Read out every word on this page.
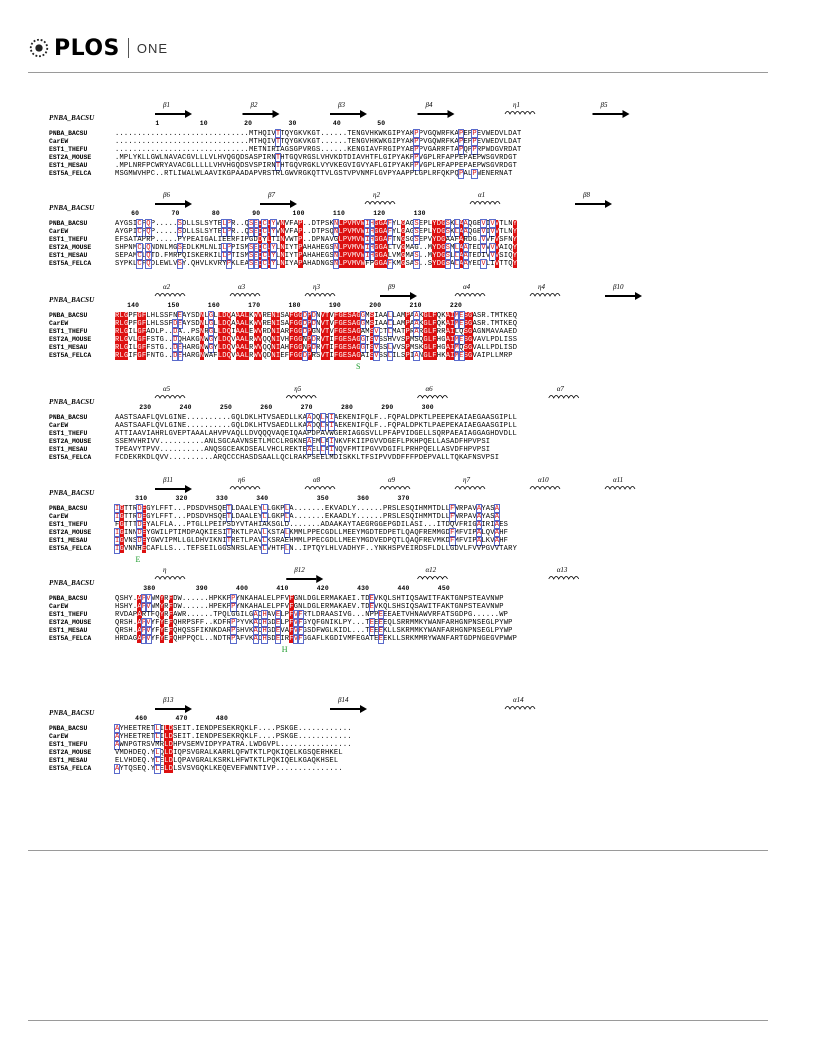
PLOS ONE
PNBA_BACSU
β1	β2	β3	β4	η1	β5
1          10         20         30         40         50
PNBA_BACSU	..............................MTHQIVTTQYGKVKGT......TENGVHKWKGIPYAKPPVGQWRFKAPEPPEVWEDVLDAT
CarEW	..............................MTHQIVTTQYGKVKGT......TENGVHKWKGIPYAKPPVGQWRFKAPEPPEVWEDVLDAT
EST1_THEFU	..............................METNIRIAGSGPVRGS......KENGIAVFRGIPYAEPPVGARRFTAPQPPRPWDGVRDAT
EST2A_MOUSE	.MPLYKLLGWLNAVACGVLLLVLHVQGQDSASPIRNTHTGQVRGSLVHVKDTDIAVHTFLGIPYAKPPVGPLRFAPPEPAEPWSGVRDGT
EST1_MESAU	.MPLNRFPCWRYAVACGLLLLLVHVHGQDSVSPIRNTHTGQVRGKLVYVKEGVIGVYAFLGIPYAKPPVGPLRFAPPEPAEPWSGVRDGT
EST5A_FELCA	MSGMWVHPC..RTLIWALWLAAVIKGPAADAPVRSTRLGWVRGKQTTVLGSTVPVNMFLGVPYAAPPLGPLRFQKPQPALPWENERNAT
PNBA_BACSU
β6	β7	η2	α1	β8
60        70        80        90        100       110       120       130
PNBA_BACSU	AYGSICPQP.....SDLLSLSYTELPR..QSEDCLYVNVFAP..DTPSKNLPVMVWIHGGAFYLGAGSEPLYDGSKLAAQGEVIVVTLNY
CarEW	AYGPICPQP.....SDLLSLSYTELPR..QSEDCLYVNVFAP..DTPSQNLPVMVWIHGGAFYLGAGSEPLYDGSKLAAQGEVIVVTLNY
EST1_THEFU	EFSATAPRP.....PYPEAIGALIEERFIPGDDYLTINVWTP..DPNAVGLPVMVWIHGGAFTNGSGSEPVYDGAAFARDG.VVFVSFNY
EST2A_MOUSE	SHPNMCLQNDNLMGSEDLKMLNLILPPISMSEDCLYLNIYTPAHAHEGSNLPVMVWIHGGALTVGMAG..MYDGSMLAATEDVVVVAIQY
EST1_MESAU	SEPAMCLQTD.FMRPQISKERKILLPTISMSEDCLYLNIYTPAHAHEGSNLPVMVWIHGGALVMGMAS..MYDGSLLAATEDIVVVSIQY
EST5A_FELCA	SYPKLCFQDLEWLVSY.QHVLKVRYPKLEASEDCLYLNIYAPAHADNGSNLPVMVWFPGGAFKMGSAS..SYDGSALAAYEDVLIVTTQY
PNBA_BACSU
α2	α3	η3	β9	α4	η4	β10
140       150       160       170       180       190       200       210       220
PNBA_BACSU	RLGPFGFLHLSSFNEAYSDNLGLLDQAAALKWVRENISAFGGDPDNVTVFGESAGGMSIAALLAMPAAKGLFQKAIMESGASR.TMTKEQ
CarEW	RLGPFGFLHLSSFDEAYSDNLGLLDQAAALKWVRENISAFGGDPDNVTVFGESAGGMSIAALLAMPAAKGLFQKAIMESGASR.TMTKEQ
EST1_THEFU	RLGILGFADLP..DA..PSNRGLLDQIAALEWVRDNIARFGGDPGNVTVFGESAGAMSVCTLMATPRARGLFRRAILQSGAGNMAVAAED
EST2A_MOUSE	RLGVLGFFSTG..DQHAKGNWGYLDQVAALRWVQQNIVHFGGNPDRVTIFGESAGGTSVSSHVVSPMSQGLFHGAIMESGVAVLPDLISS
EST1_MESAU	RLGILGFFSTG..DEHARGNWGYLDQVAALRWVQQNIAHFGGNPDRVTIFGESAGGTSVSSLVVSPMSKGLFHGAIMQSGVALLPDLISD
EST5A_FELCA	RLGIFGFFNTG..DEHARGNWAFLDQVAALRWVQDNIEFFGGDPRSVTIFGESAGAISVSSLILSPIANGLFHKAIMESGVAIPLLMRP
S
PNBA_BACSU
α5	η5	α6	α7
230       240       250       260       270       280       290       300
PNBA_BACSU	AASTSAAFLQVLGINE..........GQLDKLHTVSAEDLLKAADQLRIAEKENIFQLF..FQPALDPKTLPEEPEKAIAEGAASGIPLL
CarEW	AASTSAAFLQVLGINE..........GQLDKLHTVSAEDLLKAADQLRIAEKENIFQLF..FQPALDPKTLPAEPEKAIAEGAASGIPLL
EST1_THEFU	ATTIAAVIAHRLGVEPTAAALAHVPVAQLLDVQQQVAQEIQAAPDPAVWGERIAGGSVLLPFAPVIDGELLSQRPAEAIAGGAGHDVDLL
EST2A_MOUSE	SSEMVHRIVV..........ANLSGCAAVNSETLMCCLRGKNEAEMLAINKVFKIIPGVVDGEFLPKHPQELLASADFHPVPSI
EST1_MESAU	TPEAVYTPVV..........ANQSGCEAKDSEALVHCLREKTEAELLAINQVFMTIPGVVDGIFLPRHPQELLASVDFHPVPSI
EST5A_FELCA	FCDEKRKDLQVV..........ARQCCCHASDSAALLQCLRAKPSEELMDISKKLTFSIPVVDDFFFPDEPVALLTQKAFNSVPSI
PNBA_BACSU
β11	η6	α8	α9	η7	α10	α11
310       320       330       340            350       360       370
PNBA_BACSU	IGTTRDEGYLFFT...PDSDVHSQETLDAALEYLLGKPLA.......EKVADLY......PRSLESQIHMMTDLLFWRPAVAYASA
CarEW	IGTTRDEGYLFFT...PDSDVHSQETLDAALEYLLGKPLA.......EKAADLY......PRSLESQIHMMTDLLFWRPAVAYASA
EST1_THEFU	FGTTTDEYALFLA...PTGLLPEIPSDYVTAHIAKSGLD.......ADAAKAYTAEGRGGEPGDILASI...ITDQVFRIGAIRIAES
EST2A_MOUSE	IGINNDEYGWILPTIMDPAQKIESITRKTLPAVLKSTALKMMLPPECGDLLMEEYMGDTEDPETLQAQFREMMGDFMFVIPALQVAHF
EST1_MESAU	IGVNSDEYGWVIPMLLGLDHVIKNITRETLPAVLKSRAEHMMLPPECGDLLMEEYMGDVEDPQTLQAQFREVMKDFMFVIPALKVAHF
EST5A_FELCA	IGVNNHECAFLLS...TEFSEILGGSNRSLAEYLVHTFLN..IPTQYLHLVADHYF..YNKHSPVEIRDSFLDLLGDVLFVVPGVVTARY
E
PNBA_BACSU
η	β12	α12	α13
380          390       400       410       420       430       440       450
PNBA_BACSU	QSHY.APVWMYRFDW......HPKKPPYNKAHALELPFVFGNLDGLERMAKAEI.TDEVKQLSHTIQSAWITFAKTGNPSTEAVNWP
CarEW	HSHY.APVWMYRFDW......HPEKPPYNKAHALELPFVFGNLDGLERMAKAEV.TDEVKQLSHSIQSAWITFAKTGNPSTEAVNWP
EST1_THEFU	RVDAPARTFQYRFAWR......TPQLGGILGACHAVELPFVFRTLDRAASIVG...NPPEEEAETVHNAWVRFATSGDPG......WP
EST2A_MOUSE	QRSH.APVYFYEFQHRPSFF..KDFRPPYVKADHGDELPFVFGYQFGNIKLPY...TEEEEQLSRRMMKYWANFARHGNPNSEGLPYWP
EST1_MESAU	QRSH.APVYFYEFQHQSSFIKNKDARPSHVKADHGDEVAFVFGSDFWGLKIDL...TEEEKLLSKRMMKYWANFARHGNPNSEGLPYWP
EST5A_FELCA	HRDAGAPVYFYEFQHPPQCL..NDTRPAFVKADHSDEIRFVFGGAFLKGDIVMFEGATEEEKLLSRKMMRYWANFARTGDPNGEGVPWWP
H
PNBA_BACSU
β13	β14	α14
460       470       480
PNBA_BACSU	AYHEETRETLILDSEIT.IENDPESEKRQKLF....PSKGE............
CarEW	AYHEETRETLILDSEIT.IENDPESEKRQKLF....PSKGE............
EST1_THEFU	AWNPGTRSVMRLDHPVSEMVIDPYPATRA.LWDGVPL................
EST2A_MOUSE	VMDHDEQ.YLQLDIQPSVGRALKARRLQFWTKTLPQKIQELKGSQERHKEL
EST1_MESAU	ELVHDEQ.YLELDLQPAVGRALKSRKLHFWTKTLPQKIQELKGAQKHSEL
EST5A_FELCA	AYTQSEQ.YLELDLSVSVGQKLKEQEVEFWNNTIVP...............
